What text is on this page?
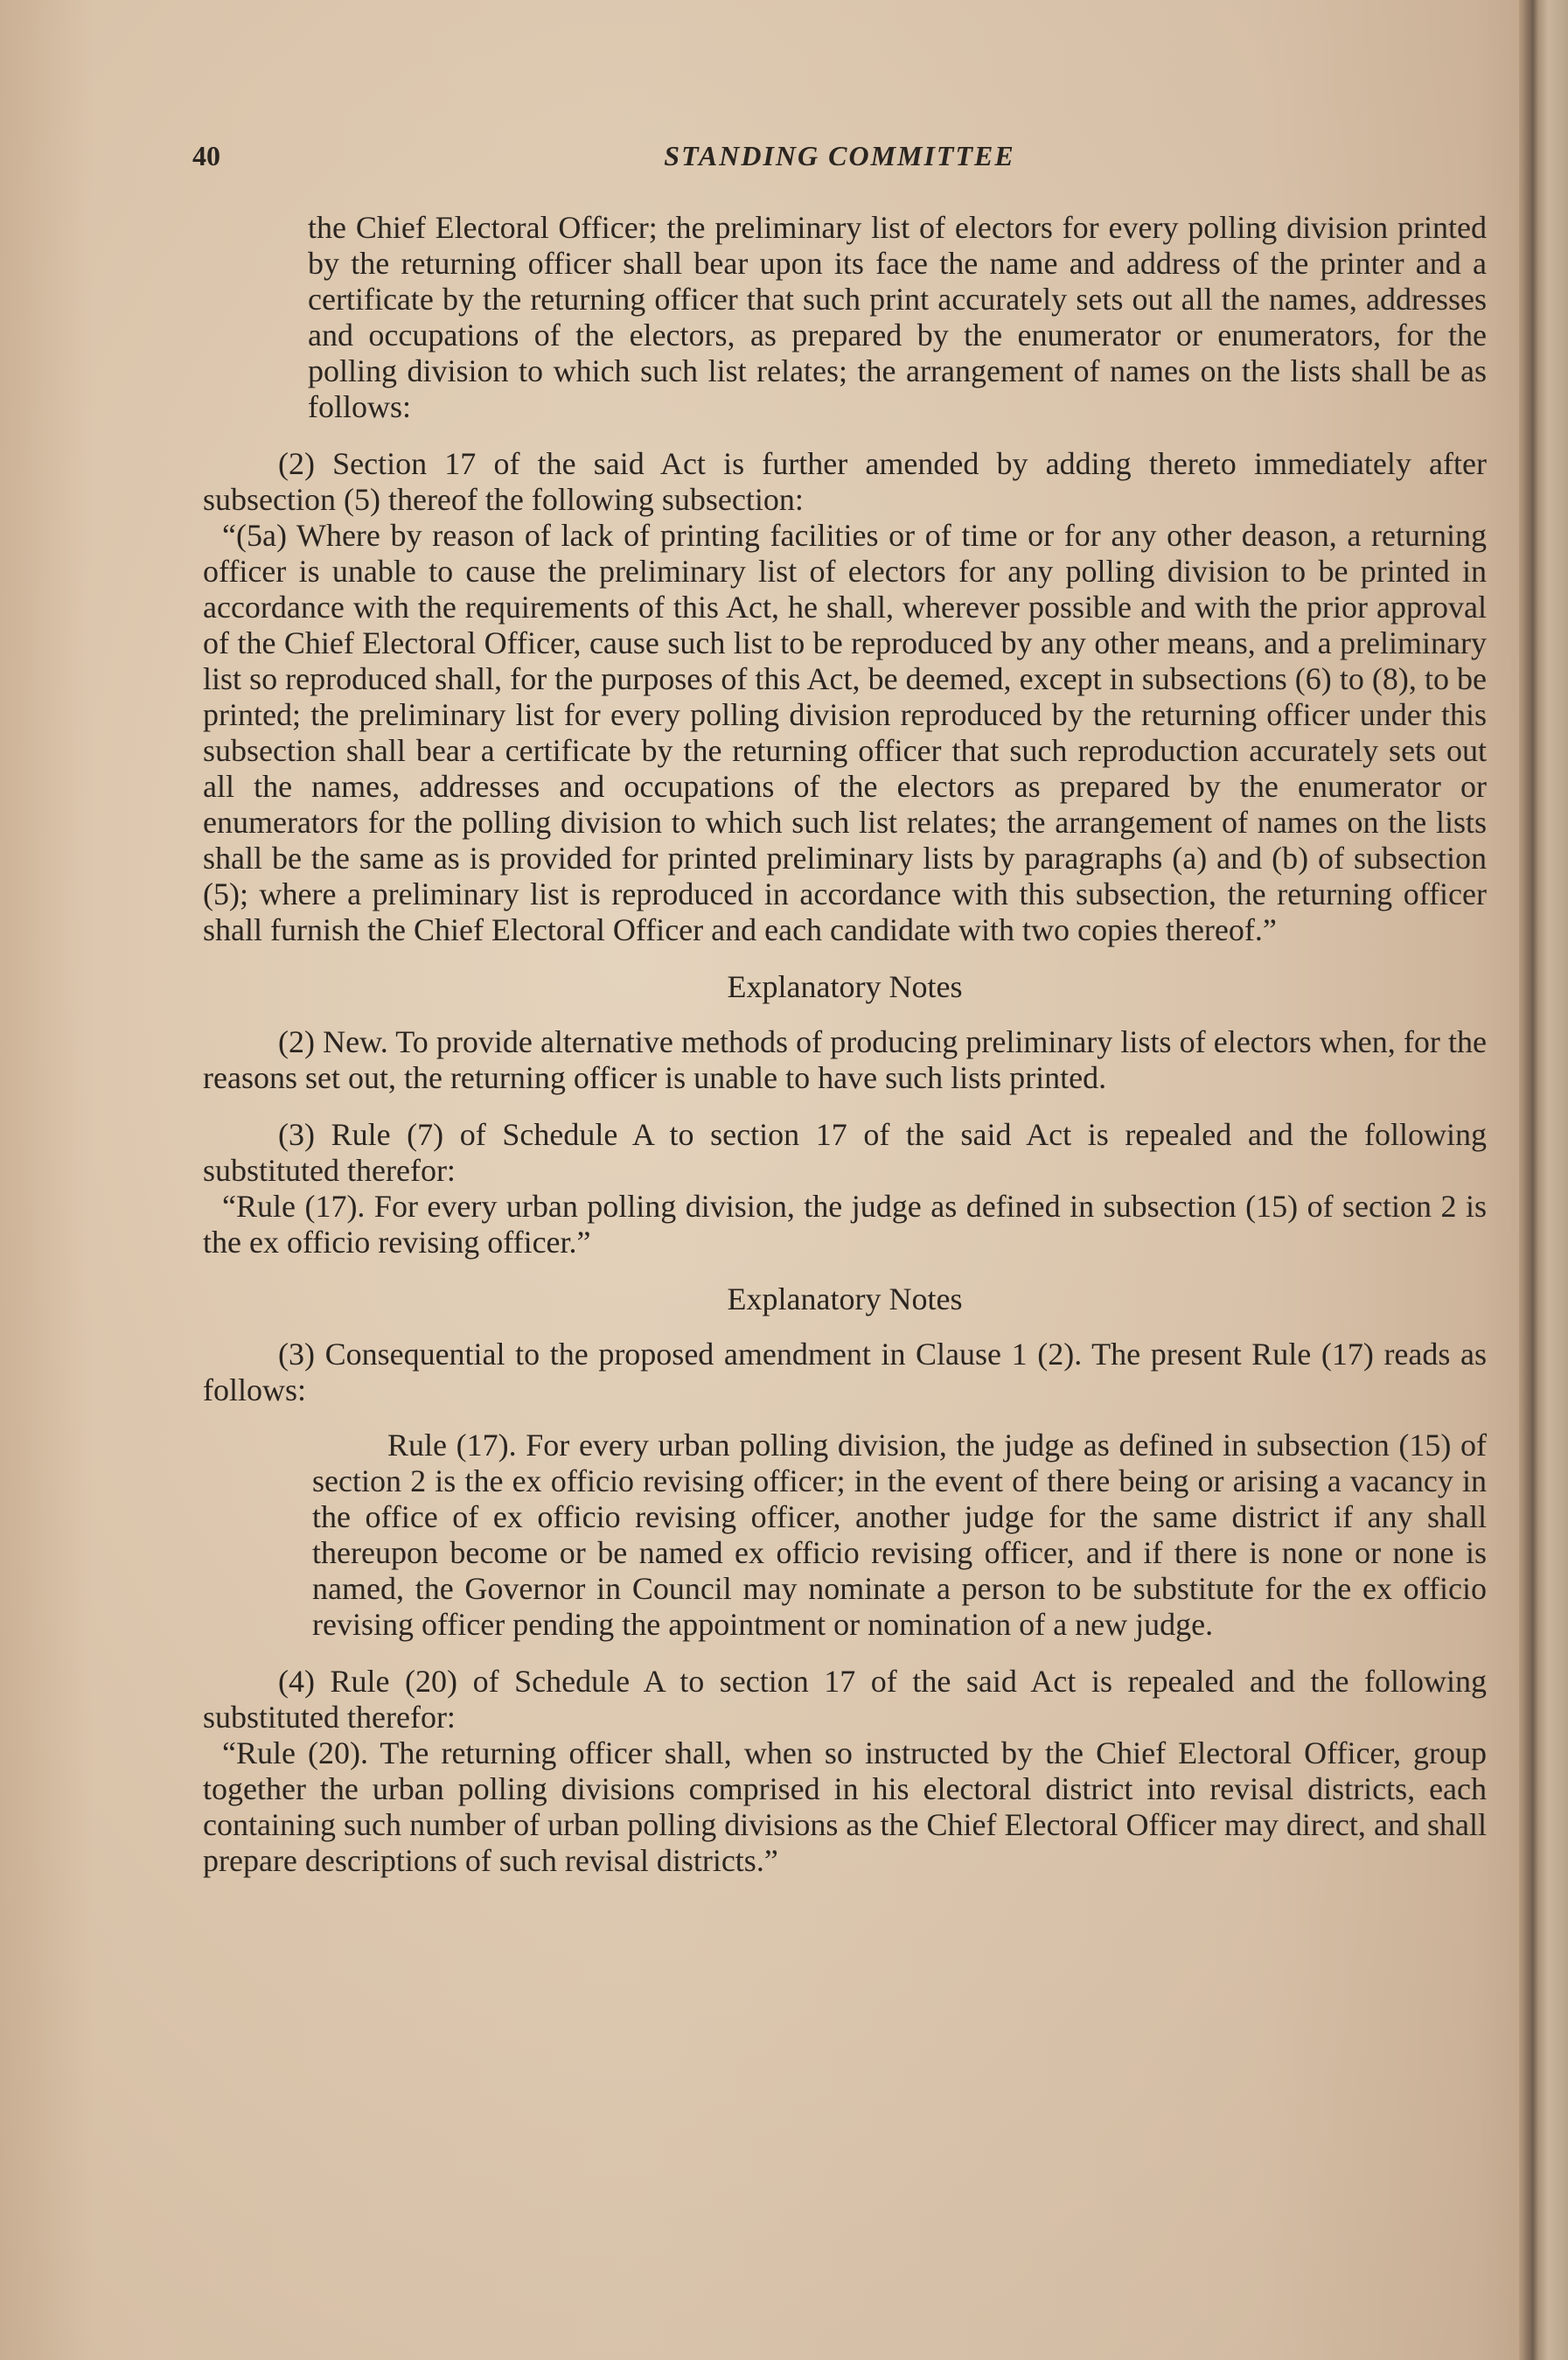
40	STANDING COMMITTEE

the Chief Electoral Officer; the preliminary list of electors for every polling division printed by the returning officer shall bear upon its face the name and address of the printer and a certificate by the returning officer that such print accurately sets out all the names, addresses and occupations of the electors, as prepared by the enumerator or enumerators, for the polling division to which such list relates; the arrangement of names on the lists shall be as follows:

(2) Section 17 of the said Act is further amended by adding thereto immediately after subsection (5) thereof the following subsection:

“(5a) Where by reason of lack of printing facilities or of time or for any other deason, a returning officer is unable to cause the preliminary list of electors for any polling division to be printed in accordance with the requirements of this Act, he shall, wherever possible and with the prior approval of the Chief Electoral Officer, cause such list to be reproduced by any other means, and a preliminary list so reproduced shall, for the purposes of this Act, be deemed, except in subsections (6) to (8), to be printed; the preliminary list for every polling division reproduced by the returning officer under this subsection shall bear a certificate by the returning officer that such reproduction accurately sets out all the names, addresses and occupations of the electors as prepared by the enumerator or enumerators for the polling division to which such list relates; the arrangement of names on the lists shall be the same as is provided for printed preliminary lists by paragraphs (a) and (b) of subsection (5); where a preliminary list is reproduced in accordance with this subsection, the returning officer shall furnish the Chief Electoral Officer and each candidate with two copies thereof.”

Explanatory Notes

(2) New. To provide alternative methods of producing preliminary lists of electors when, for the reasons set out, the returning officer is unable to have such lists printed.

(3) Rule (7) of Schedule A to section 17 of the said Act is repealed and the following substituted therefor:

“Rule (17). For every urban polling division, the judge as defined in subsection (15) of section 2 is the ex officio revising officer.”

Explanatory Notes

(3) Consequential to the proposed amendment in Clause 1 (2). The present Rule (17) reads as follows:

Rule (17). For every urban polling division, the judge as defined in subsection (15) of section 2 is the ex officio revising officer; in the event of there being or arising a vacancy in the office of ex officio revising officer, another judge for the same district if any shall thereupon become or be named ex officio revising officer, and if there is none or none is named, the Governor in Council may nominate a person to be substitute for the ex officio revising officer pending the appointment or nomination of a new judge.

(4) Rule (20) of Schedule A to section 17 of the said Act is repealed and the following substituted therefor:

“Rule (20). The returning officer shall, when so instructed by the Chief Electoral Officer, group together the urban polling divisions comprised in his electoral district into revisal districts, each containing such number of urban polling divisions as the Chief Electoral Officer may direct, and shall prepare descriptions of such revisal districts.”
